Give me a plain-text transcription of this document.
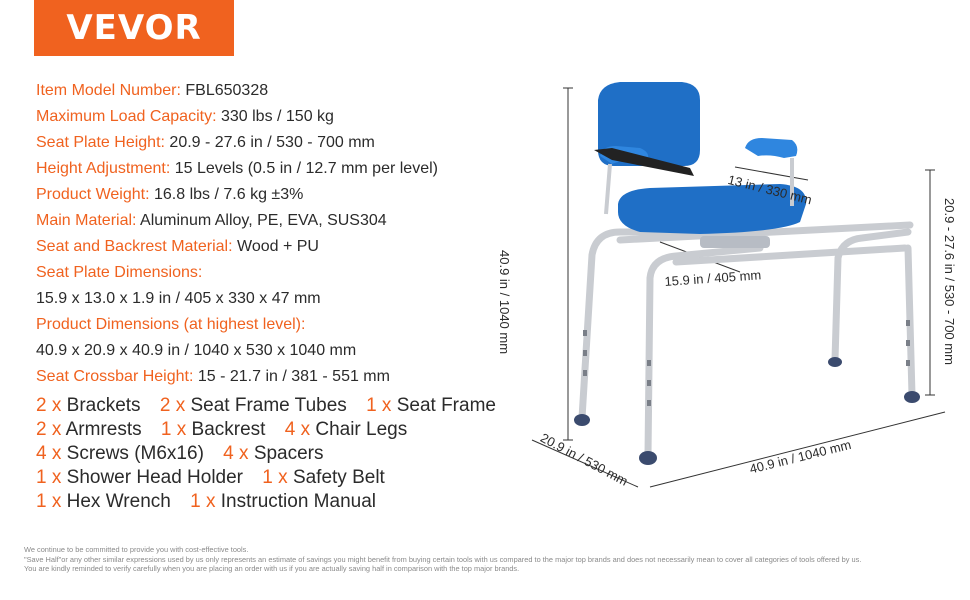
VEVOR
Item Model Number: FBL650328
Maximum Load Capacity: 330 lbs / 150 kg
Seat Plate Height: 20.9 - 27.6 in / 530 - 700 mm
Height Adjustment: 15 Levels (0.5 in / 12.7 mm per level)
Product Weight: 16.8 lbs / 7.6 kg ±3%
Main Material: Aluminum Alloy, PE, EVA, SUS304
Seat and Backrest Material: Wood + PU
Seat Plate Dimensions:
15.9 x 13.0 x 1.9 in / 405 x 330 x 47 mm
Product Dimensions (at highest level):
40.9 x 20.9 x 40.9 in / 1040 x 530 x 1040 mm
Seat Crossbar Height: 15 - 21.7 in / 381 - 551 mm
2 x Brackets 2 x Seat Frame Tubes 1 x Seat Frame
2 x Armrests 1 x Backrest 4 x Chair Legs
4 x Screws (M6x16) 4 x Spacers
1 x Shower Head Holder 1 x Safety Belt
1 x Hex Wrench 1 x Instruction Manual
40.9 in / 1040 mm
13 in / 330 mm
15.9 in / 405 mm	20.9 - 27.6 in / 530 - 700 mm
20.9 in / 530 mm	40.9 in / 1040 mm
We continue to be committed to provide you with cost-effective tools.
"Save Half"or any other similar expressions used by us only represents an estimate of savings you might benefit from buying certain tools with us compared to the major top brands and does not necessarily mean to cover all categories of tools offered by us.
You are kindly reminded to verify carefully when you are placing an order with us if you are actually saving half in comparison with the top major brands.
